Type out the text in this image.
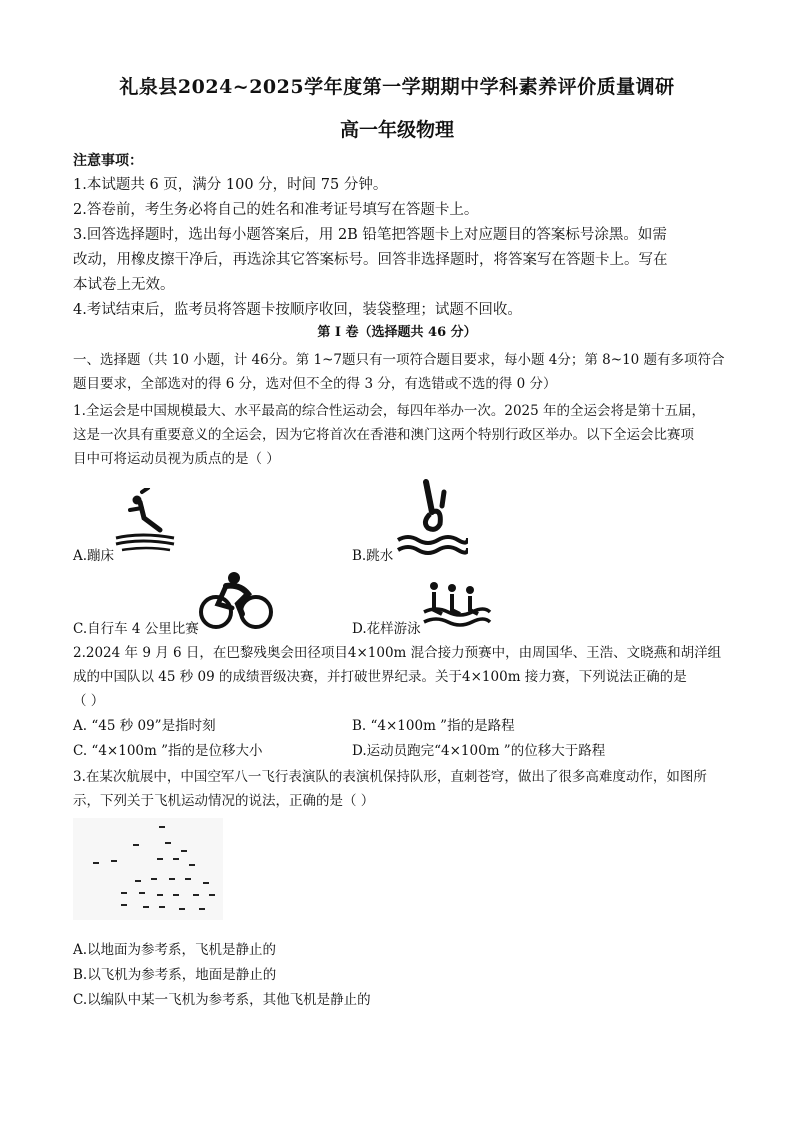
礼泉县2024~2025学年度第一学期期中学科素养评价质量调研
高一年级物理
注意事项：
1.本试题共 6 页，满分 100 分，时间 75 分钟。
2.答卷前，考生务必将自己的姓名和准考证号填写在答题卡上。
3.回答选择题时，选出每小题答案后，用 2B 铅笔把答题卡上对应题目的答案标号涂黑。如需
改动，用橡皮擦干净后，再选涂其它答案标号。回答非选择题时，将答案写在答题卡上。写在
本试卷上无效。
4.考试结束后，监考员将答题卡按顺序收回，装袋整理；试题不回收。
第 I 卷（选择题共 46 分）
一、选择题（共 10 小题，计 46分。第 1~7题只有一项符合题目要求，每小题 4分；第 8~10 题有多项符合
题目要求，全部选对的得 6 分，选对但不全的得 3 分，有选错或不选的得 0 分）
1.全运会是中国规模最大、水平最高的综合性运动会，每四年举办一次。2025 年的全运会将是第十五届，
这是一次具有重要意义的全运会，因为它将首次在香港和澳门这两个特别行政区举办。以下全运会比赛项
目中可将运动员视为质点的是（ ）
A.蹦床	B.跳水
C.自行车 4 公里比赛	D.花样游泳
2.2024 年 9 月 6 日，在巴黎残奥会田径项目4×100m 混合接力预赛中，由周国华、王浩、文晓燕和胡洋组
成的中国队以 45 秒 09 的成绩晋级决赛，并打破世界纪录。关于4×100m 接力赛，下列说法正确的是
（ ）
A. “45 秒 09”是指时刻	B. “4×100m ”指的是路程
C. “4×100m ”指的是位移大小	D.运动员跑完“4×100m ”的位移大于路程
3.在某次航展中，中国空军八一飞行表演队的表演机保持队形，直刺苍穹，做出了很多高难度动作，如图所
示，下列关于飞机运动情况的说法，正确的是（ ）
A.以地面为参考系，飞机是静止的
B.以飞机为参考系，地面是静止的
C.以编队中某一飞机为参考系，其他飞机是静止的
